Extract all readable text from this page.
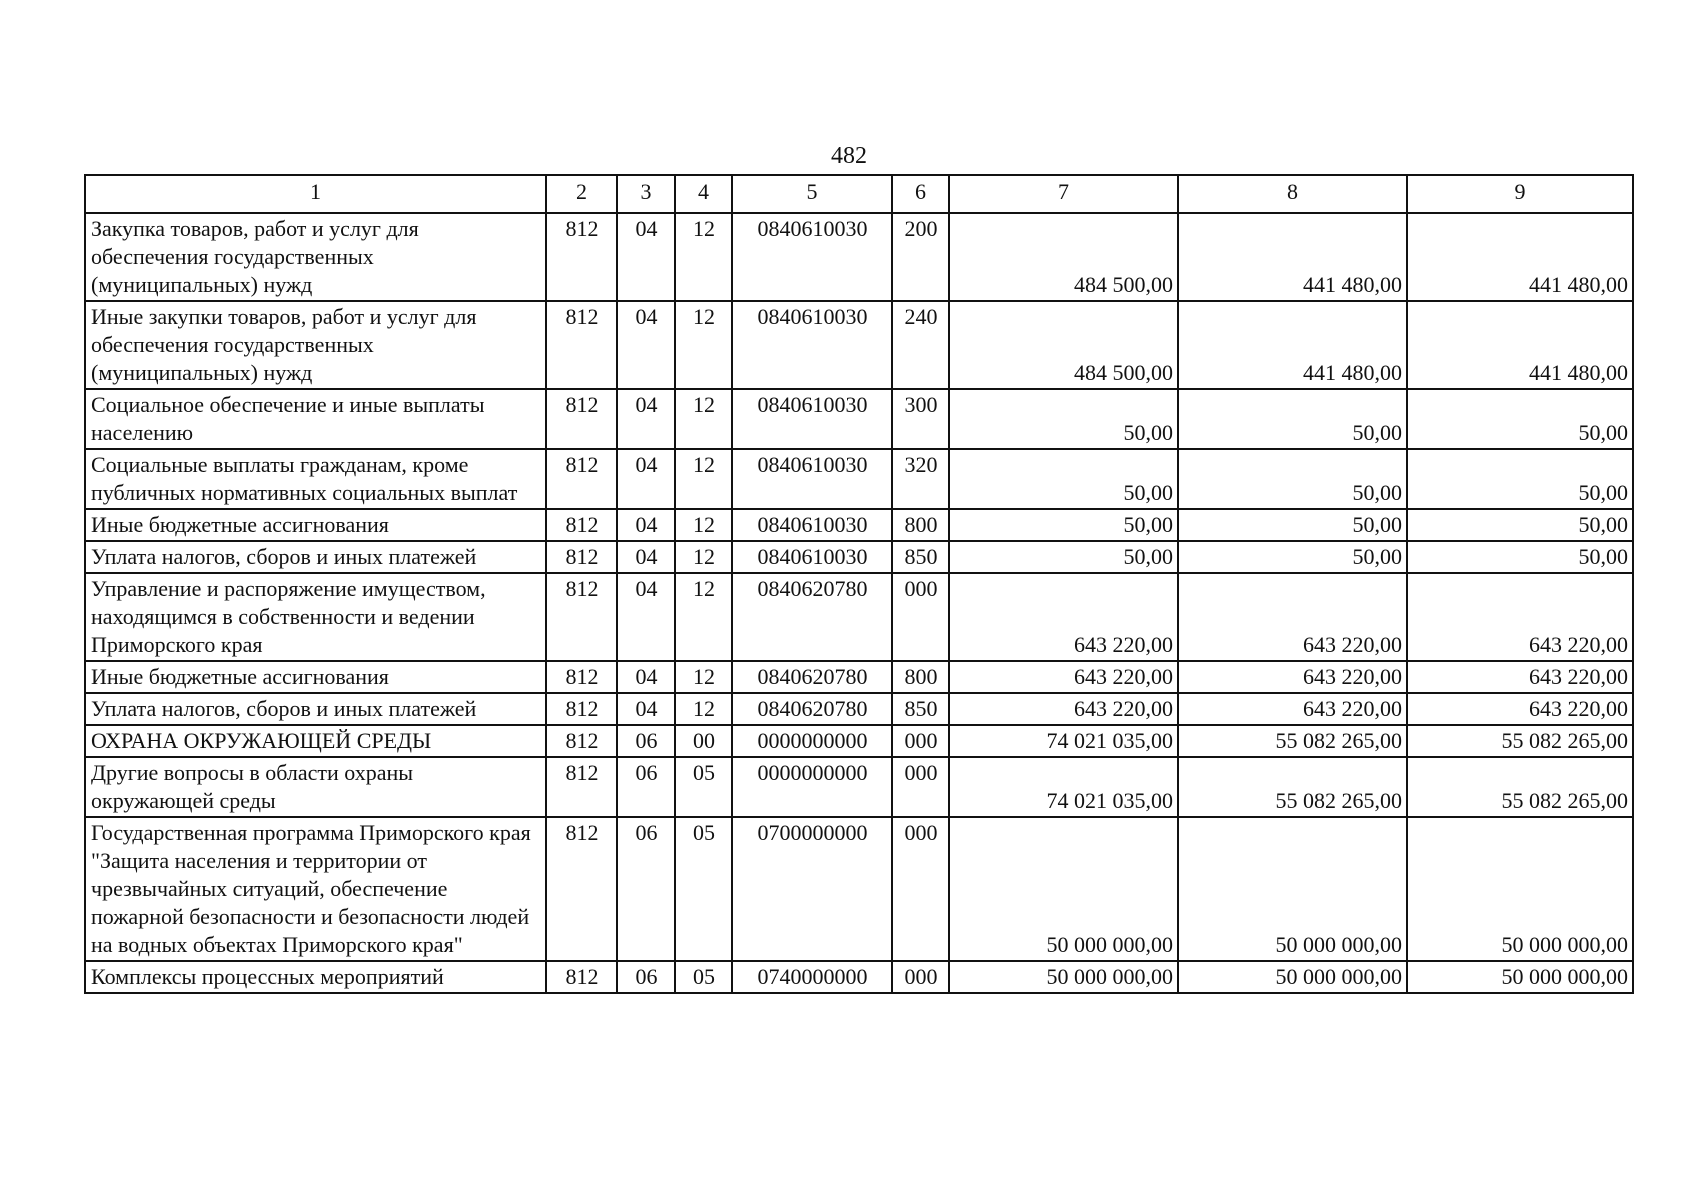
482
1	2	3	4	5	6	7	8	9
Закупка товаров, работ и услуг для обеспечения государственных (муниципальных) нужд	812	04	12	0840610030	200	484 500,00	441 480,00	441 480,00
Иные закупки товаров, работ и услуг для обеспечения государственных (муниципальных) нужд	812	04	12	0840610030	240	484 500,00	441 480,00	441 480,00
Социальное обеспечение и иные выплаты населению	812	04	12	0840610030	300	50,00	50,00	50,00
Социальные выплаты гражданам, кроме публичных нормативных социальных выплат	812	04	12	0840610030	320	50,00	50,00	50,00
Иные бюджетные ассигнования	812	04	12	0840610030	800	50,00	50,00	50,00
Уплата налогов, сборов и иных платежей	812	04	12	0840610030	850	50,00	50,00	50,00
Управление и распоряжение имуществом, находящимся в собственности и ведении Приморского края	812	04	12	0840620780	000	643 220,00	643 220,00	643 220,00
Иные бюджетные ассигнования	812	04	12	0840620780	800	643 220,00	643 220,00	643 220,00
Уплата налогов, сборов и иных платежей	812	04	12	0840620780	850	643 220,00	643 220,00	643 220,00
ОХРАНА ОКРУЖАЮЩЕЙ СРЕДЫ	812	06	00	0000000000	000	74 021 035,00	55 082 265,00	55 082 265,00
Другие вопросы в области охраны окружающей среды	812	06	05	0000000000	000	74 021 035,00	55 082 265,00	55 082 265,00
Государственная программа Приморского края "Защита населения и территории от чрезвычайных ситуаций, обеспечение пожарной безопасности и безопасности людей на водных объектах Приморского края"	812	06	05	0700000000	000	50 000 000,00	50 000 000,00	50 000 000,00
Комплексы процессных мероприятий	812	06	05	0740000000	000	50 000 000,00	50 000 000,00	50 000 000,00
